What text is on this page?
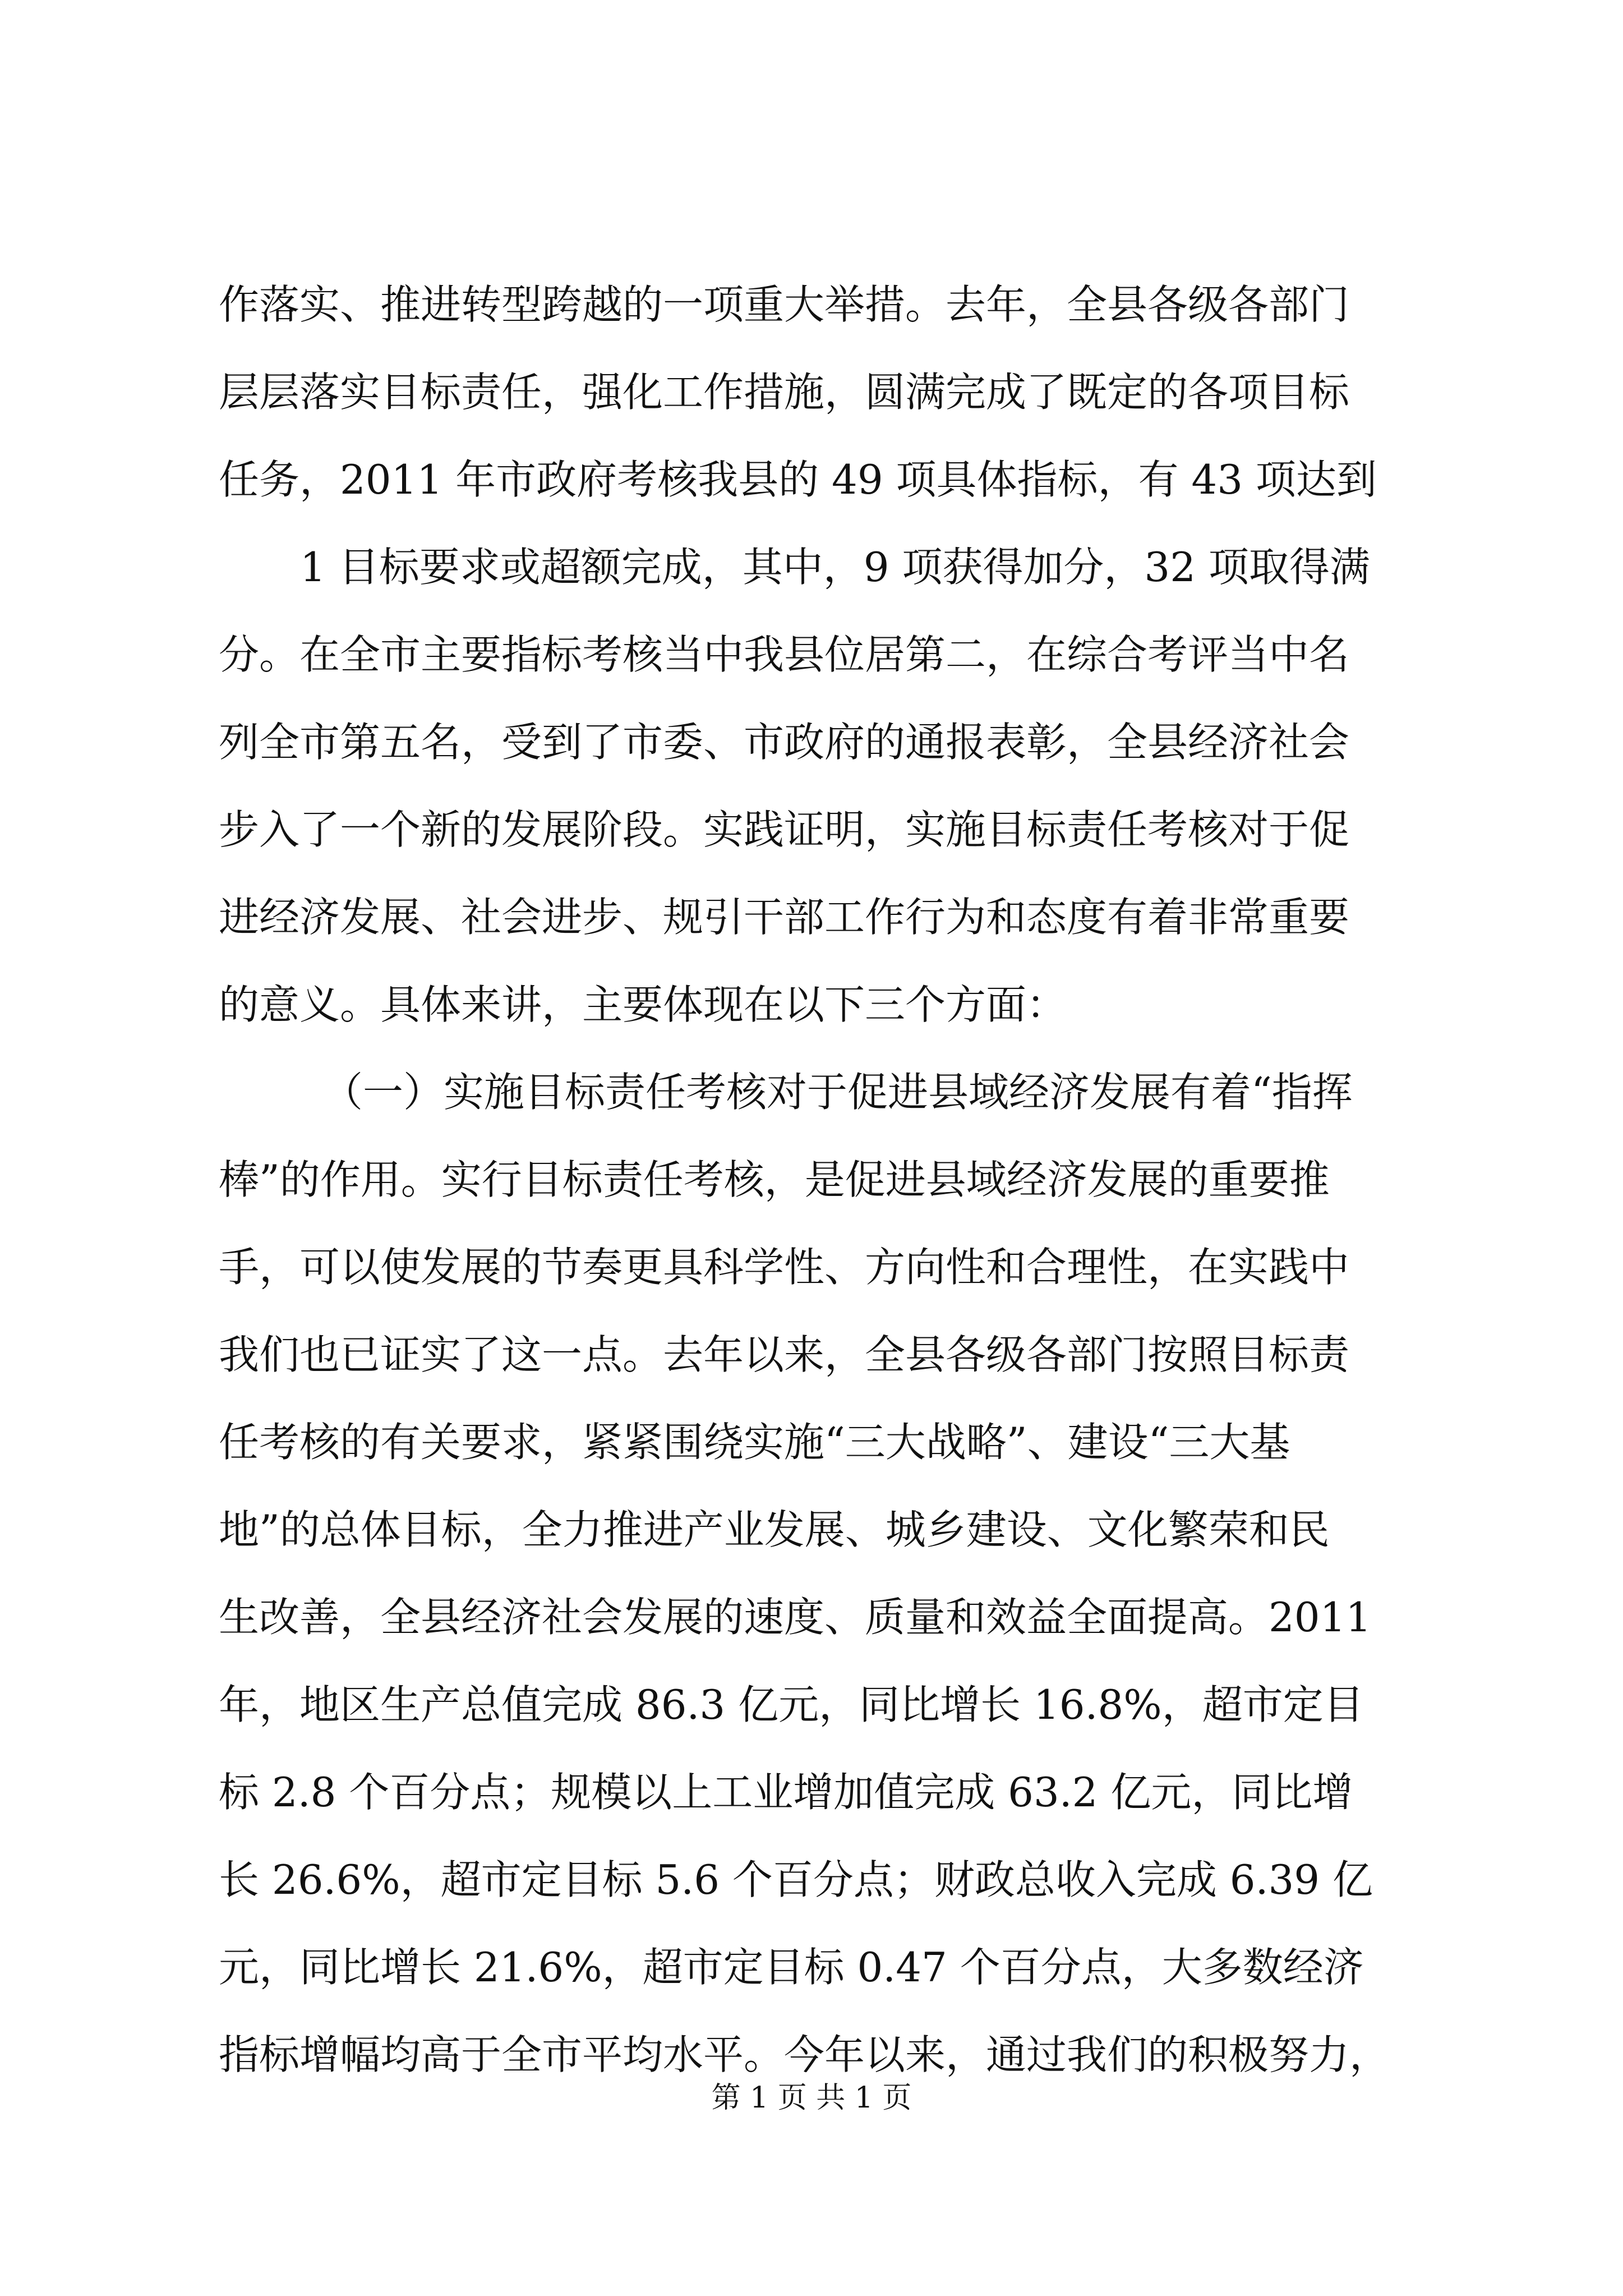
作落实、推进转型跨越的一项重大举措。去年，全县各级各部门
层层落实目标责任，强化工作措施，圆满完成了既定的各项目标
任务，2011 年市政府考核我县的 49 项具体指标，有 43 项达到
1 目标要求或超额完成，其中，9 项获得加分，32 项取得满
分。在全市主要指标考核当中我县位居第二，在综合考评当中名
列全市第五名，受到了市委、市政府的通报表彰，全县经济社会
步入了一个新的发展阶段。实践证明，实施目标责任考核对于促
进经济发展、社会进步、规引干部工作行为和态度有着非常重要
的意义。具体来讲，主要体现在以下三个方面：
（一）实施目标责任考核对于促进县域经济发展有着“指挥
棒”的作用。实行目标责任考核，是促进县域经济发展的重要推
手，可以使发展的节奏更具科学性、方向性和合理性，在实践中
我们也已证实了这一点。去年以来，全县各级各部门按照目标责
任考核的有关要求，紧紧围绕实施“三大战略”、建设“三大基
地”的总体目标，全力推进产业发展、城乡建设、文化繁荣和民
生改善，全县经济社会发展的速度、质量和效益全面提高。2011
年，地区生产总值完成 86.3 亿元，同比增长 16.8%，超市定目
标 2.8 个百分点；规模以上工业增加值完成 63.2 亿元，同比增
长 26.6%，超市定目标 5.6 个百分点；财政总收入完成 6.39 亿
元，同比增长 21.6%，超市定目标 0.47 个百分点，大多数经济
指标增幅均高于全市平均水平。今年以来，通过我们的积极努力，
第 1 页 共 1 页
